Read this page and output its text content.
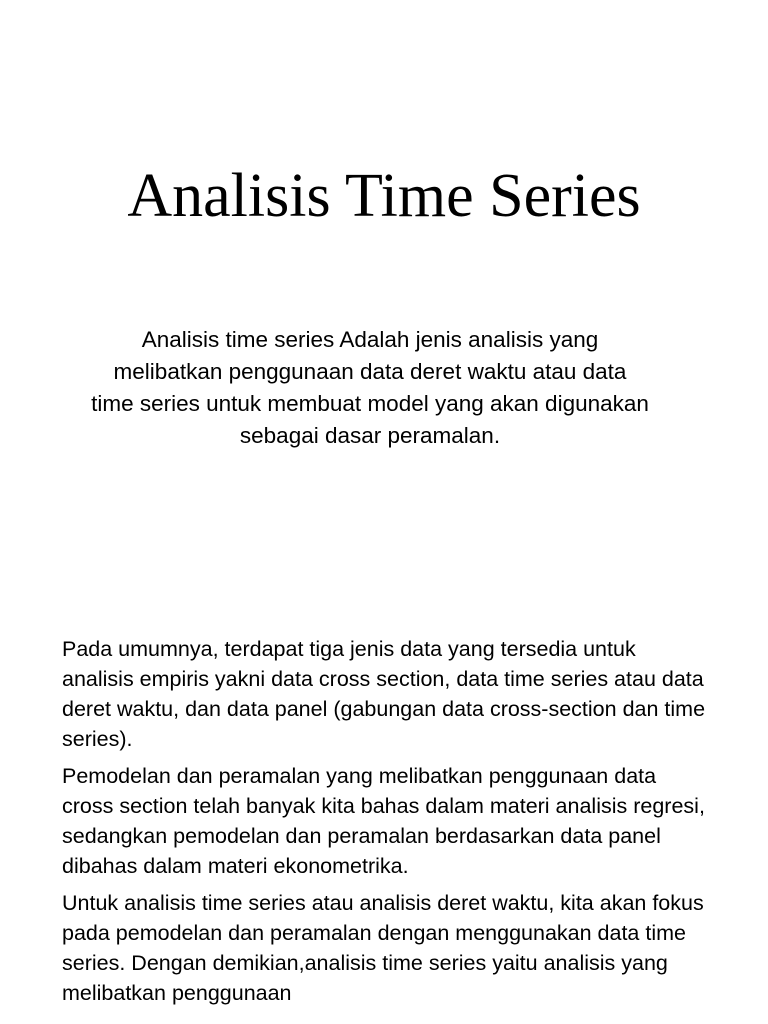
Analisis Time Series

Analisis time series Adalah jenis analisis yang melibatkan penggunaan data deret waktu atau data time series untuk membuat model yang akan digunakan sebagai dasar peramalan.

Pada umumnya, terdapat tiga jenis data yang tersedia untuk analisis empiris yakni data cross section, data time series atau data deret waktu, dan data panel (gabungan data cross-section dan time series).

Pemodelan dan peramalan yang melibatkan penggunaan data cross section telah banyak kita bahas dalam materi analisis regresi, sedangkan pemodelan dan peramalan berdasarkan data panel dibahas dalam materi ekonometrika.

Untuk analisis time series atau analisis deret waktu, kita akan fokus pada pemodelan dan peramalan dengan menggunakan data time series. Dengan demikian,analisis time series yaitu analisis yang melibatkan penggunaan
